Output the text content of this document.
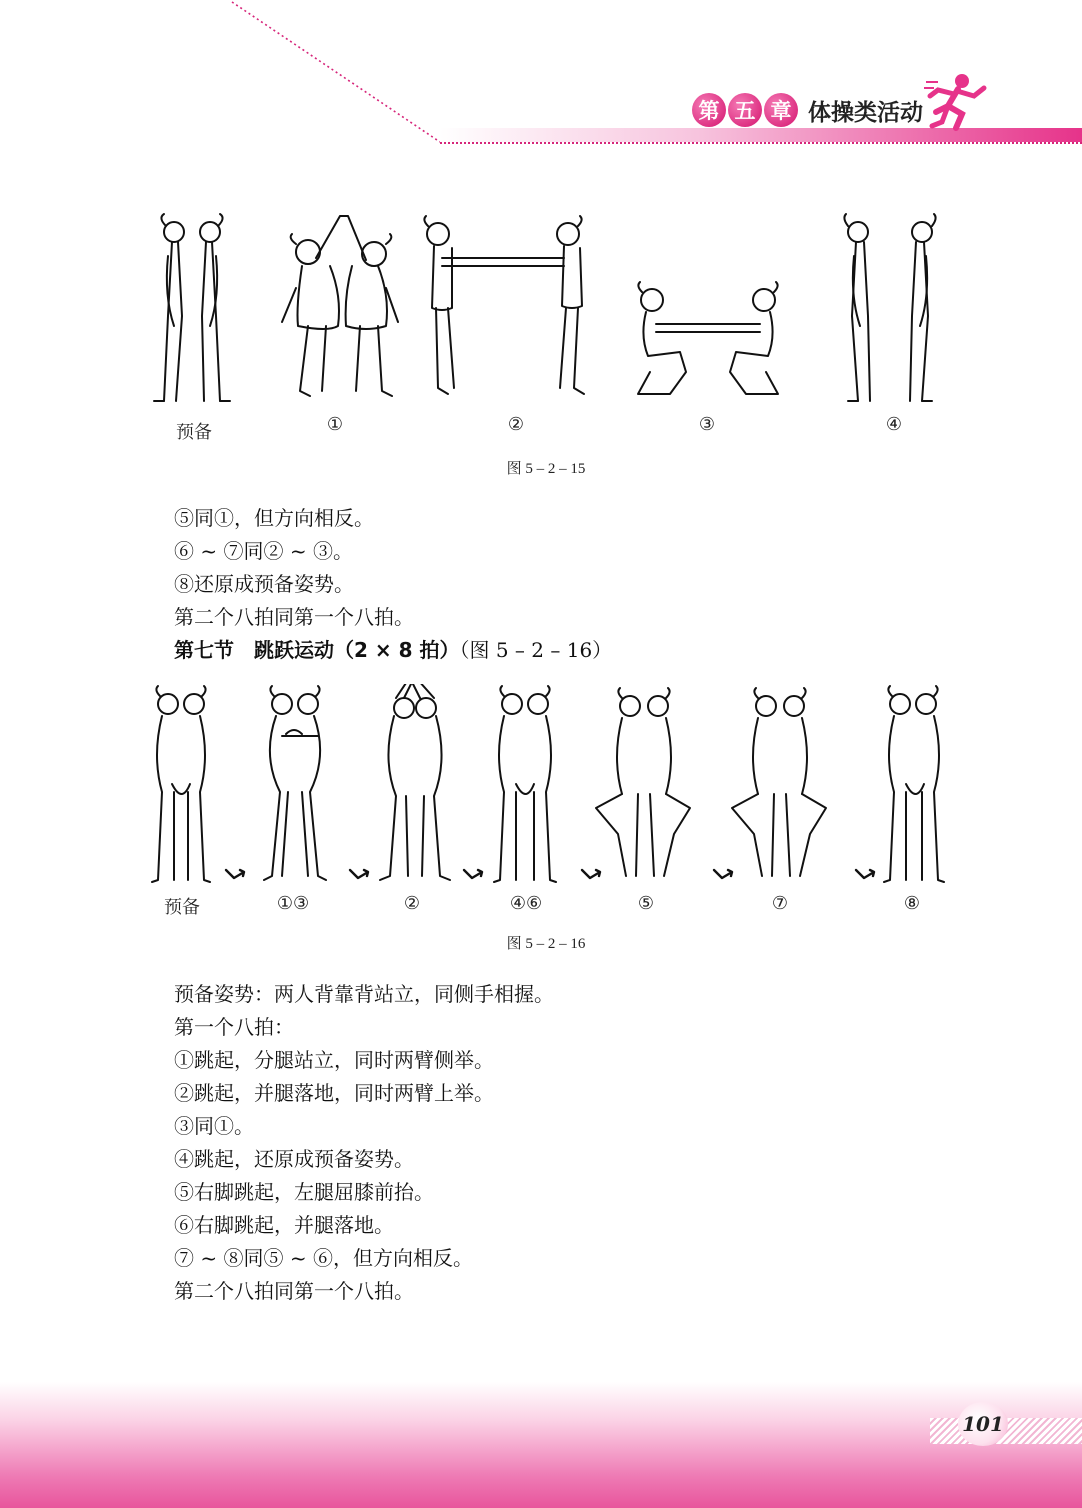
第 五 章 体操类活动
预备	①	②	③	④
图 5 – 2 – 15
⑤同①，但方向相反。
⑥ ~ ⑦同② ~ ③。
⑧还原成预备姿势。
第二个八拍同第一个八拍。
第七节　跳跃运动（2 × 8 拍）（图 5 – 2 – 16）
预备	①③	②	④⑥	⑤	⑦	⑧
图 5 – 2 – 16
预备姿势：两人背靠背站立，同侧手相握。
第一个八拍：
①跳起，分腿站立，同时两臂侧举。
②跳起，并腿落地，同时两臂上举。
③同①。
④跳起，还原成预备姿势。
⑤右脚跳起，左腿屈膝前抬。
⑥右脚跳起，并腿落地。
⑦ ~ ⑧同⑤ ~ ⑥，但方向相反。
第二个八拍同第一个八拍。
101
